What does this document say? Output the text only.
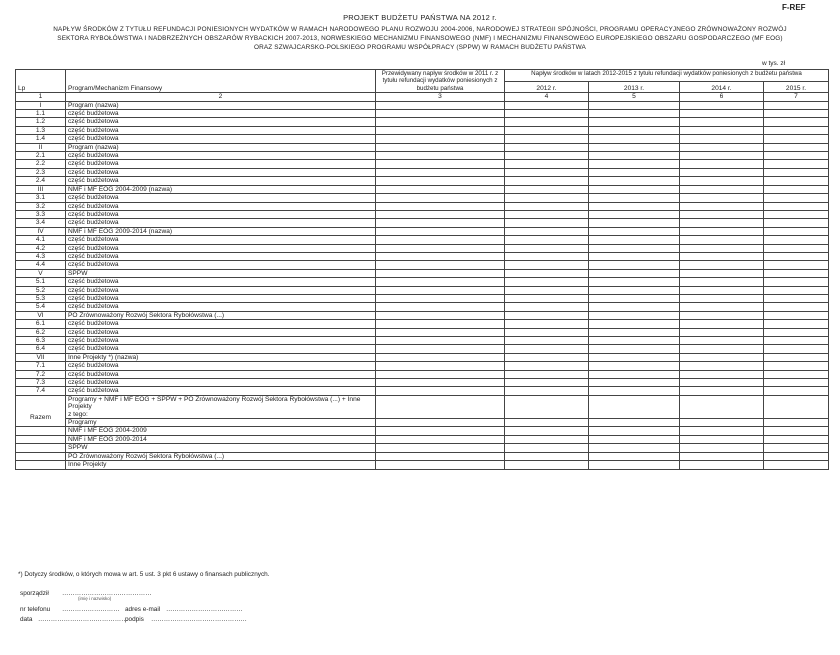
F-REF
PROJEKT BUDŻETU PAŃSTWA NA 2012 r.
NAPŁYW ŚRODKÓW Z TYTUŁU REFUNDACJI PONIESIONYCH WYDATKÓW W RAMACH NARODOWEGO PLANU ROZWOJU 2004-2006, NARODOWEJ STRATEGII SPÓJNOŚCI, PROGRAMU OPERACYJNEGO ZRÓWNOWAŻONY ROZWÓJ SEKTORA RYBOŁÓWSTWA I NADBRZEŻNYCH OBSZARÓW RYBACKICH 2007-2013, NORWESKIEGO MECHANIZMU FINANSOWEGO (NMF) I MECHANIZMU FINANSOWEGO EUROPEJSKIEGO OBSZARU GOSPODARCZEGO (MF EOG) ORAZ SZWAJCARSKO-POLSKIEGO PROGRAMU WSPÓŁPRACY (SPPW) W RAMACH BUDŻETU PAŃSTWA
w tys. zł
Lp	Program/Mechanizm Finansowy	Przewidywany napływ środków w 2011 r. z tytułu refundacji wydatków poniesionych z budżetu państwa	Napływ środków w latach 2012-2015 z tytułu refundacji wydatków poniesionych z budżetu państwa			
			2012 r.	2013 r.	2014 r.	2015 r.
1	2	3	4	5	6	7
I	Program (nazwa)					
1.1	część budżetowa					
1.2	część budżetowa					
1.3	część budżetowa					
1.4	część budżetowa					
II	Program (nazwa)					
2.1	część budżetowa					
2.2	część budżetowa					
2.3	część budżetowa					
2.4	część budżetowa					
III	NMF i MF EOG 2004-2009 (nazwa)					
3.1	część budżetowa					
3.2	część budżetowa					
3.3	część budżetowa					
3.4	część budżetowa					
IV	NMF i MF EOG 2009-2014 (nazwa)					
4.1	część budżetowa					
4.2	część budżetowa					
4.3	część budżetowa					
4.4	część budżetowa					
V	SPPW					
5.1	część budżetowa					
5.2	część budżetowa					
5.3	część budżetowa					
5.4	część budżetowa					
VI	PO Zrównoważony Rozwój Sektora Rybołówstwa (...)					
6.1	część budżetowa					
6.2	część budżetowa					
6.3	część budżetowa					
6.4	część budżetowa					
VII	Inne Projekty *) (nazwa)					
7.1	część budżetowa					
7.2	część budżetowa					
7.3	część budżetowa					
7.4	część budżetowa					
Razem	Programy + NMF i MF EOG + SPPW + PO Zrównoważony Rozwój Sektora Rybołówstwa (...) + Inne Projekty
z tego:					

	Programy					
	NMF i MF EOG 2004-2009					
	NMF i MF EOG 2009-2014					
	SPPW					
	PO Zrównoważony Rozwój Sektora Rybołówstwa (...)					
	Inne Projekty					
*) Dotyczy środków, o których mowa w art. 5 ust. 3 pkt 6 ustawy o finansach publicznych.
sporządził ……………………………………
(imię i nazwisko)
nr telefonu ……………………… adres e-mail ………………………………
data ……………………………………
podpis ………………………………………
